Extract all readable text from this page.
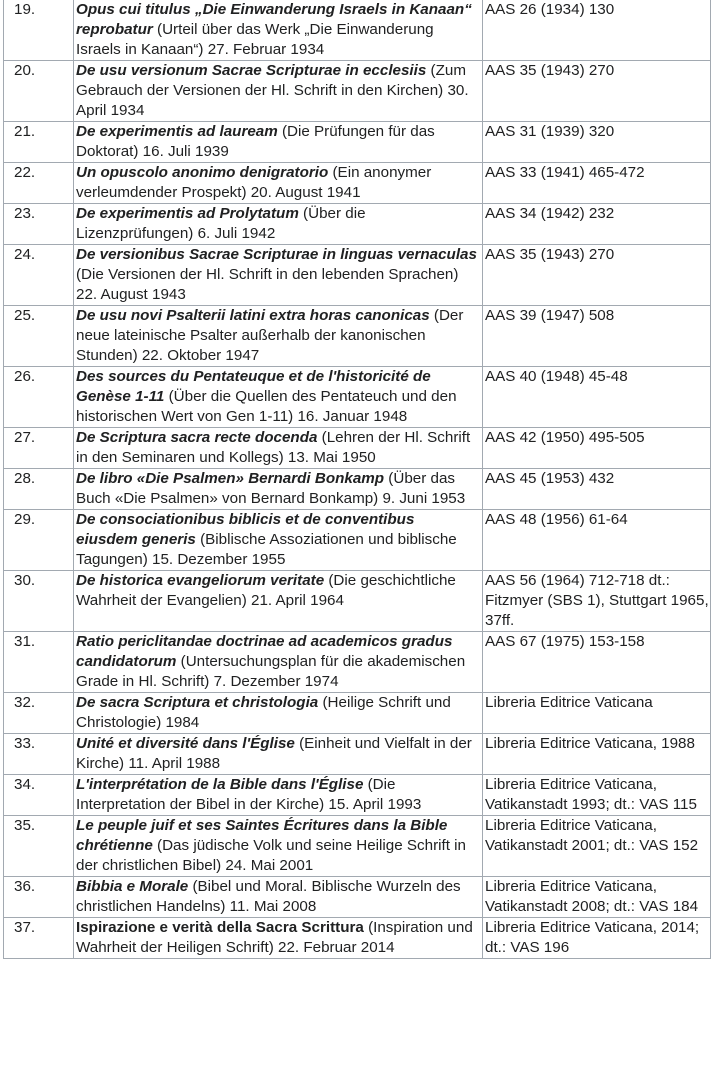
19.	Opus cui titulus „Die Einwanderung Israels in Kanaan“ reprobatur (Urteil über das Werk „Die Einwanderung Israels in Kanaan“) 27. Februar 1934	AAS 26 (1934) 130
20.	De usu versionum Sacrae Scripturae in ecclesiis (Zum Gebrauch der Versionen der Hl. Schrift in den Kirchen) 30. April 1934	AAS 35 (1943) 270
21.	De experimentis ad lauream (Die Prüfungen für das Doktorat) 16. Juli 1939	AAS 31 (1939) 320
22.	Un opuscolo anonimo denigratorio (Ein anonymer verleumdender Prospekt) 20. August 1941	AAS 33 (1941) 465-472
23.	De experimentis ad Prolytatum (Über die Lizenzprüfungen) 6. Juli 1942	AAS 34 (1942) 232
24.	De versionibus Sacrae Scripturae in linguas vernaculas (Die Versionen der Hl. Schrift in den lebenden Sprachen) 22. August 1943	AAS 35 (1943) 270
25.	De usu novi Psalterii latini extra horas canonicas (Der neue lateinische Psalter außerhalb der kanonischen Stunden) 22. Oktober 1947	AAS 39 (1947) 508
26.	Des sources du Pentateuque et de l'historicité de Genèse 1-11 (Über die Quellen des Pentateuch und den historischen Wert von Gen 1-11) 16. Januar 1948	AAS 40 (1948) 45-48
27.	De Scriptura sacra recte docenda (Lehren der Hl. Schrift in den Seminaren und Kollegs) 13. Mai 1950	AAS 42 (1950) 495-505
28.	De libro «Die Psalmen» Bernardi Bonkamp (Über das Buch «Die Psalmen» von Bernard Bonkamp) 9. Juni 1953	AAS 45 (1953) 432
29.	De consociationibus biblicis et de conventibus eiusdem generis (Biblische Assoziationen und biblische Tagungen) 15. Dezember 1955	AAS 48 (1956) 61-64
30.	De historica evangeliorum veritate (Die geschichtliche Wahrheit der Evangelien) 21. April 1964	AAS 56 (1964) 712-718 dt.: Fitzmyer (SBS 1), Stuttgart 1965, 37ff.
31.	Ratio periclitandae doctrinae ad academicos gradus candidatorum (Untersuchungsplan für die akademischen Grade in Hl. Schrift) 7. Dezember 1974	AAS 67 (1975) 153-158
32.	De sacra Scriptura et christologia (Heilige Schrift und Christologie) 1984	Libreria Editrice Vaticana
33.	Unité et diversité dans l'Église (Einheit und Vielfalt in der Kirche) 11. April 1988	Libreria Editrice Vaticana, 1988
34.	L'interprétation de la Bible dans l'Église (Die Interpretation der Bibel in der Kirche) 15. April 1993	Libreria Editrice Vaticana, Vatikanstadt 1993; dt.: VAS 115
35.	Le peuple juif et ses Saintes Écritures dans la Bible chrétienne (Das jüdische Volk und seine Heilige Schrift in der christlichen Bibel) 24. Mai 2001	Libreria Editrice Vaticana, Vatikanstadt 2001; dt.: VAS 152
36.	Bibbia e Morale (Bibel und Moral. Biblische Wurzeln des christlichen Handelns) 11. Mai 2008	Libreria Editrice Vaticana, Vatikanstadt 2008; dt.: VAS 184
37.	Ispirazione e verità della Sacra Scrittura (Inspiration und Wahrheit der Heiligen Schrift) 22. Februar 2014	Libreria Editrice Vaticana, 2014; dt.: VAS 196
